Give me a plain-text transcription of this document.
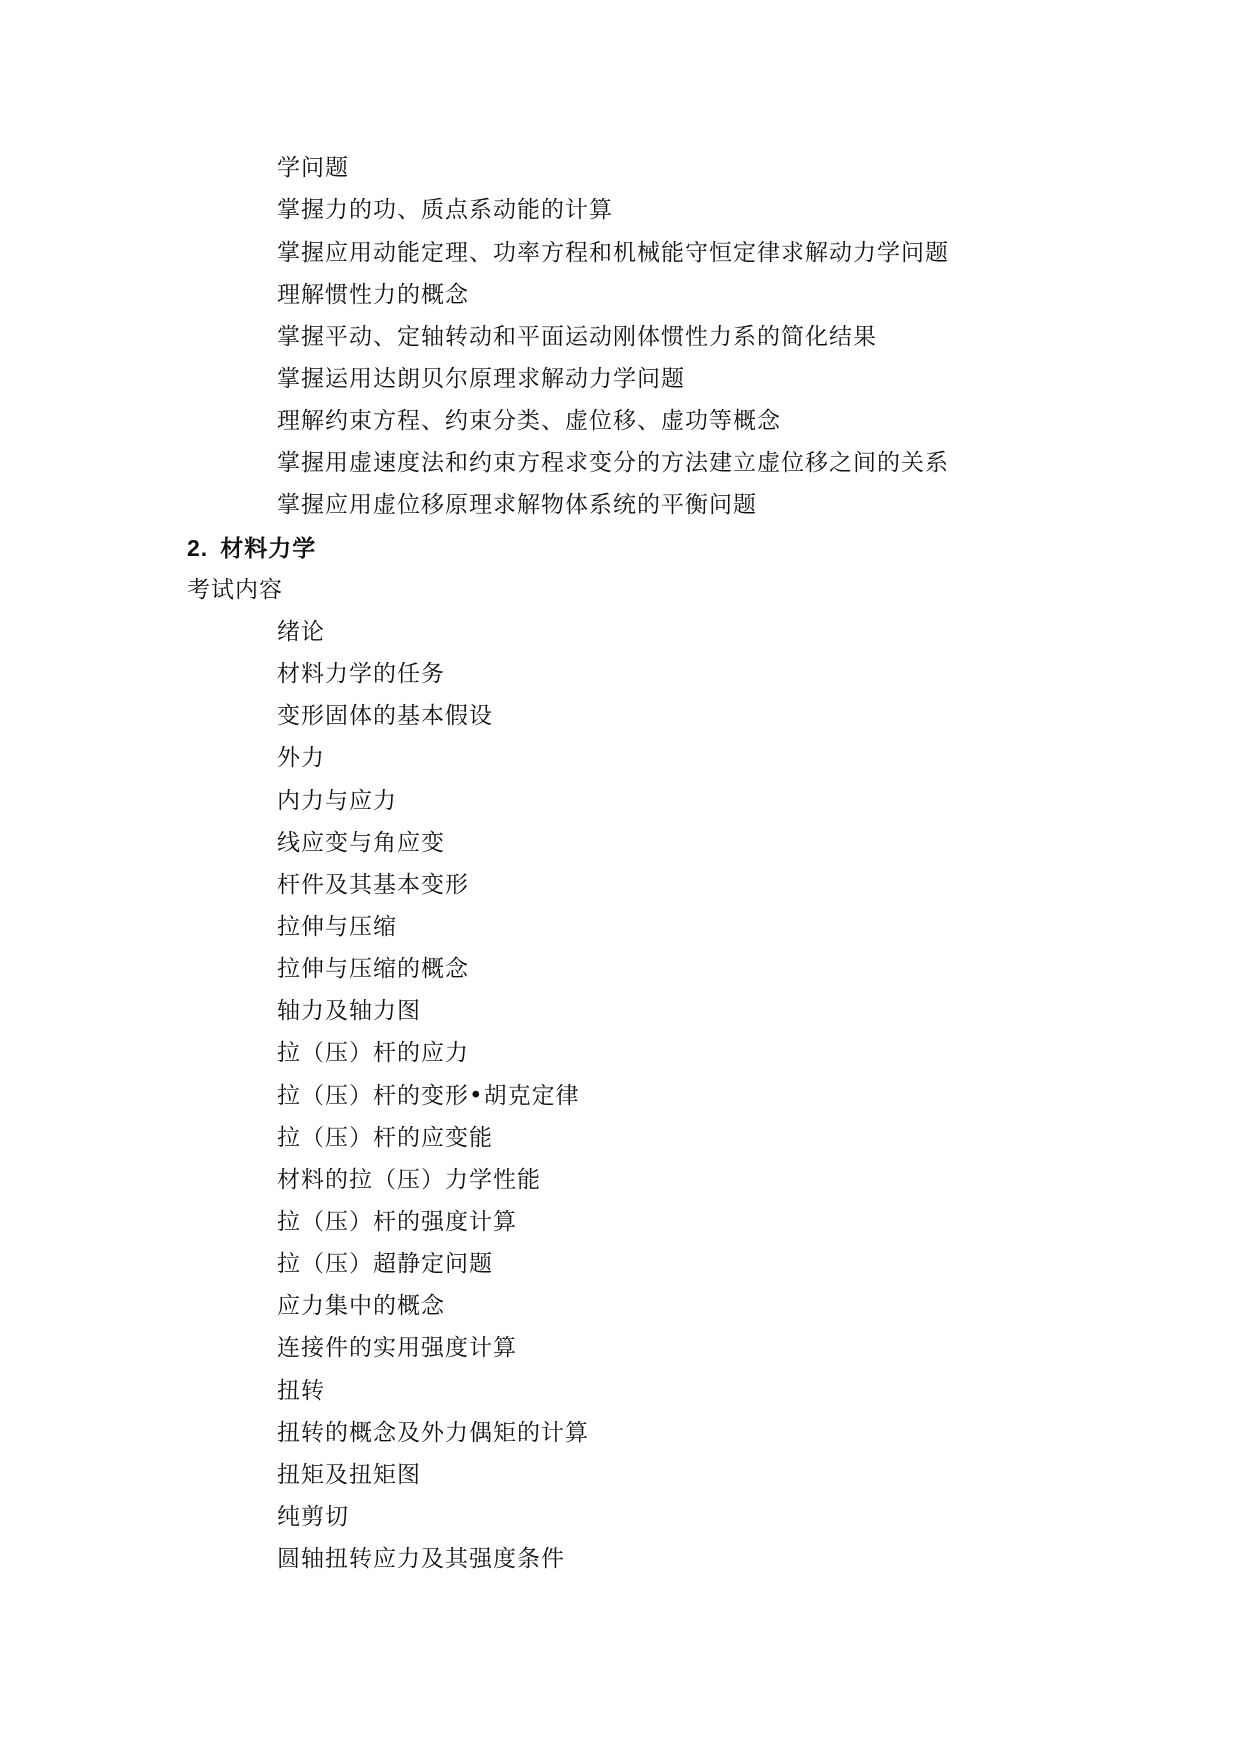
学问题
掌握力的功、质点系动能的计算
掌握应用动能定理、功率方程和机械能守恒定律求解动力学问题
理解惯性力的概念
掌握平动、定轴转动和平面运动刚体惯性力系的简化结果
掌握运用达朗贝尔原理求解动力学问题
理解约束方程、约束分类、虚位移、虚功等概念
掌握用虚速度法和约束方程求变分的方法建立虚位移之间的关系
掌握应用虚位移原理求解物体系统的平衡问题
2. 材料力学
考试内容
绪论
材料力学的任务
变形固体的基本假设
外力
内力与应力
线应变与角应变
杆件及其基本变形
拉伸与压缩
拉伸与压缩的概念
轴力及轴力图
拉（压）杆的应力
拉（压）杆的变形•胡克定律
拉（压）杆的应变能
材料的拉（压）力学性能
拉（压）杆的强度计算
拉（压）超静定问题
应力集中的概念
连接件的实用强度计算
扭转
扭转的概念及外力偶矩的计算
扭矩及扭矩图
纯剪切
圆轴扭转应力及其强度条件
